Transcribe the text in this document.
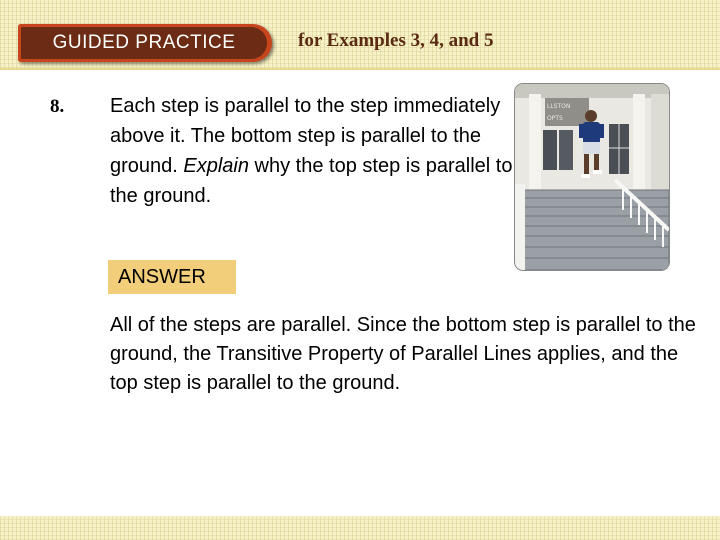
GUIDED PRACTICE	for Examples 3, 4, and 5
8. Each step is parallel to the step immediately above it. The bottom step is parallel to the ground. Explain why the top step is parallel to the ground.
LLSTON
OPTS
ANSWER
All of the steps are parallel. Since the bottom step is parallel to the ground, the Transitive Property of Parallel Lines applies, and the top step is parallel to the ground.
